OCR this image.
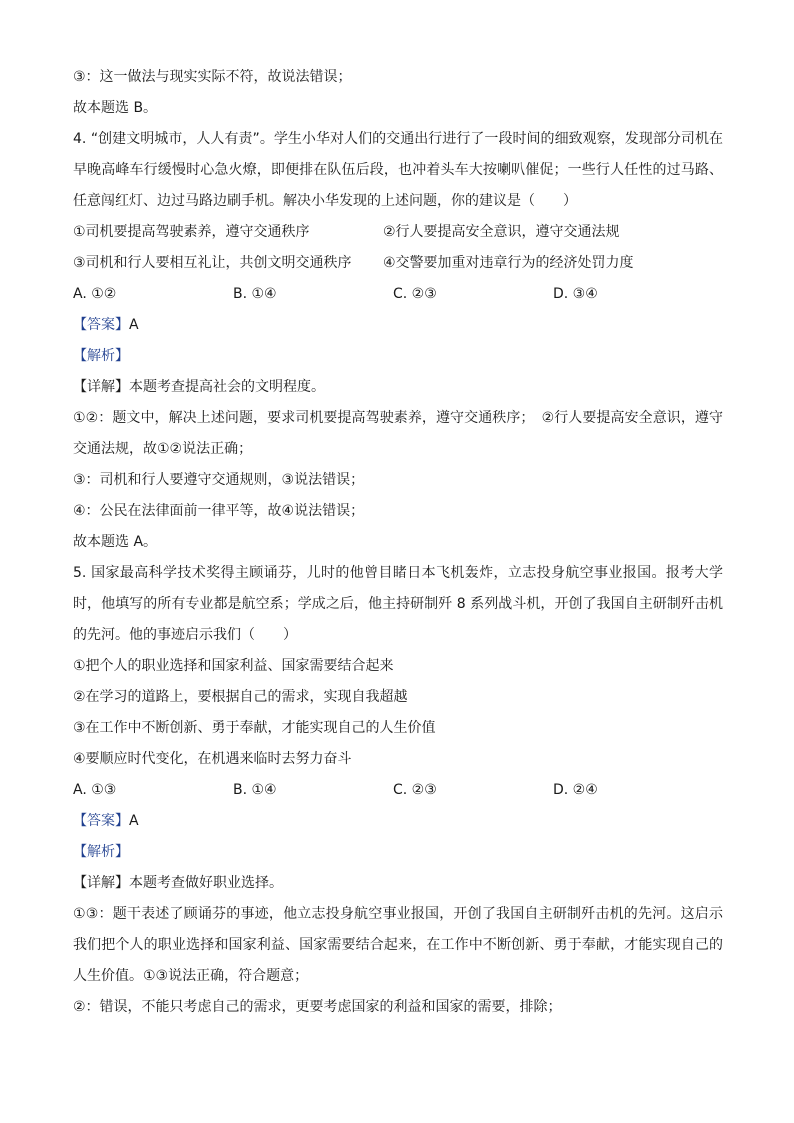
③：这一做法与现实实际不符，故说法错误；
故本题选 B。
4. “创建文明城市，人人有责”。学生小华对人们的交通出行进行了一段时间的细致观察，发现部分司机在早晚高峰车行缓慢时心急火燎，即便排在队伍后段，也冲着头车大按喇叭催促；一些行人任性的过马路、任意闯红灯、边过马路边刷手机。解决小华发现的上述问题，你的建议是（　　）
①司机要提高驾驶素养，遵守交通秩序	②行人要提高安全意识，遵守交通法规
③司机和行人要相互礼让，共创文明交通秩序	④交警要加重对违章行为的经济处罚力度
A. ①②	B. ①④	C. ②③	D. ③④
【答案】A
【解析】
【详解】本题考查提高社会的文明程度。
①②：题文中，解决上述问题，要求司机要提高驾驶素养，遵守交通秩序；　②行人要提高安全意识，遵守交通法规，故①②说法正确；
③：司机和行人要遵守交通规则，③说法错误；
④：公民在法律面前一律平等，故④说法错误；
故本题选 A。
5. 国家最高科学技术奖得主顾诵芬，儿时的他曾目睹日本飞机轰炸，立志投身航空事业报国。报考大学时，他填写的所有专业都是航空系；学成之后，他主持研制歼 8 系列战斗机，开创了我国自主研制歼击机的先河。他的事迹启示我们（　　）
①把个人的职业选择和国家利益、国家需要结合起来
②在学习的道路上，要根据自己的需求，实现自我超越
③在工作中不断创新、勇于奉献，才能实现自己的人生价值
④要顺应时代变化，在机遇来临时去努力奋斗
A. ①③	B. ①④	C. ②③	D. ②④
【答案】A
【解析】
【详解】本题考查做好职业选择。
①③：题干表述了顾诵芬的事迹，他立志投身航空事业报国，开创了我国自主研制歼击机的先河。这启示我们把个人的职业选择和国家利益、国家需要结合起来，在工作中不断创新、勇于奉献，才能实现自己的人生价值。①③说法正确，符合题意；
②：错误，不能只考虑自己的需求，更要考虑国家的利益和国家的需要，排除；
